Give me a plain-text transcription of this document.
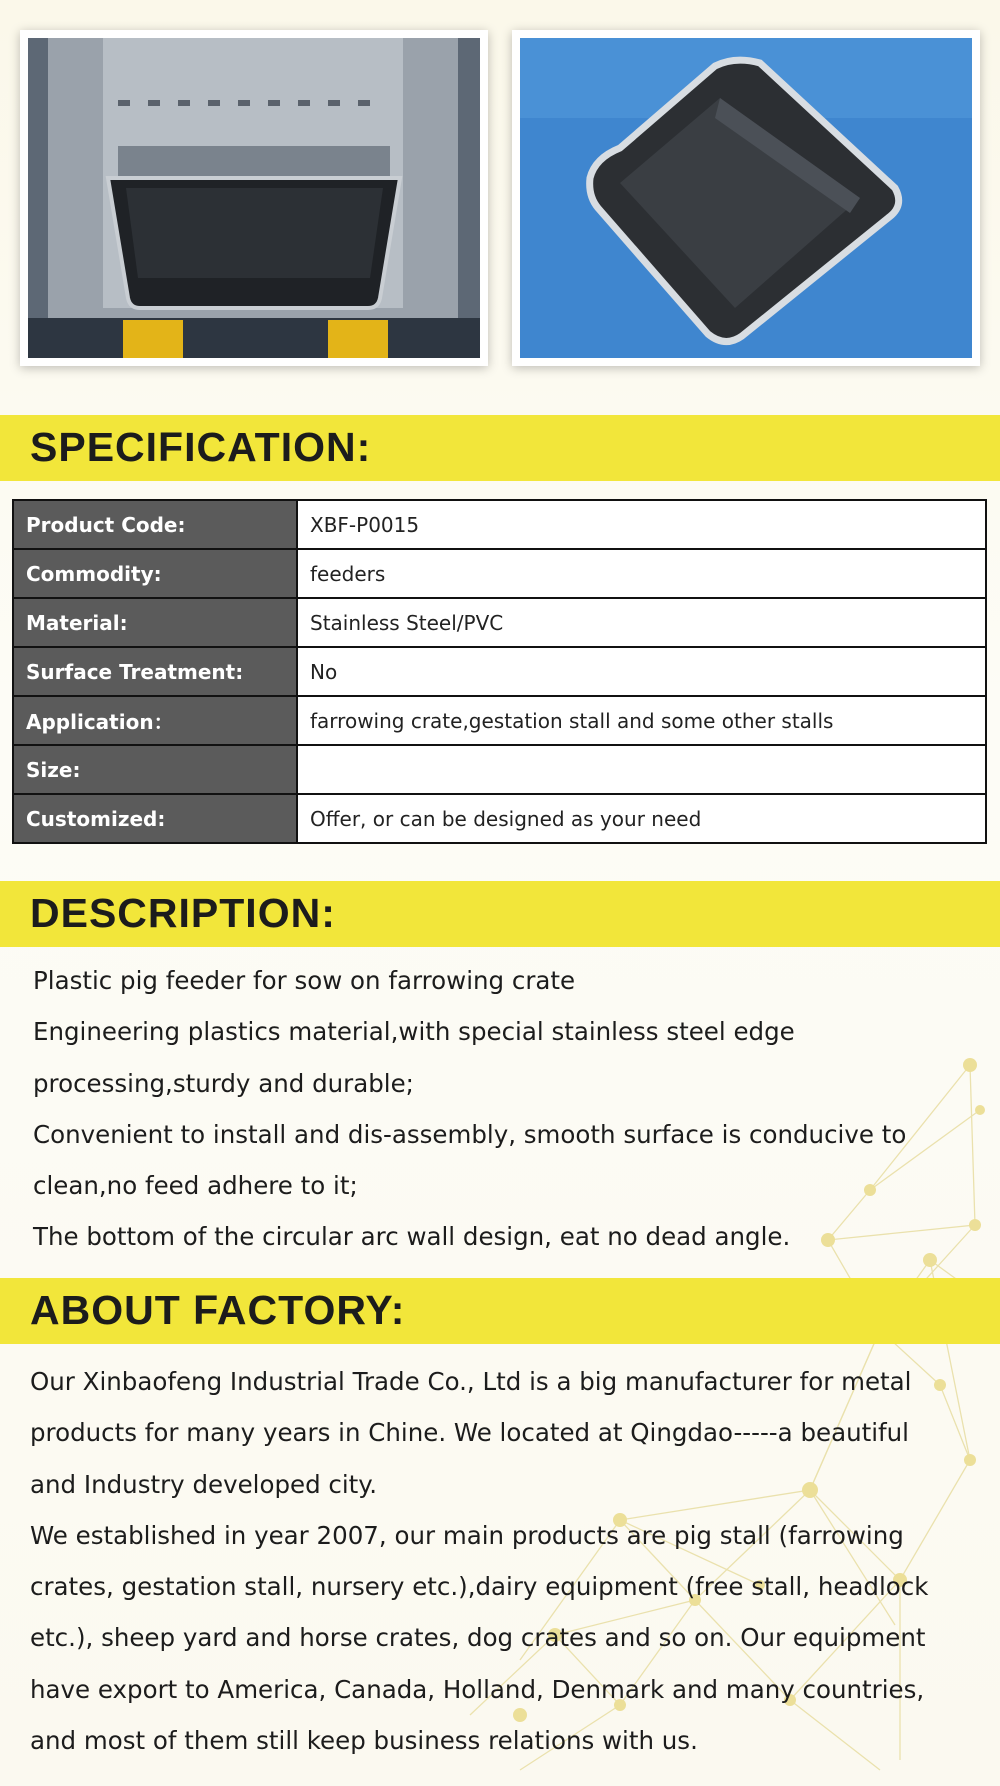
SPECIFICATION:
Product Code:	XBF-P0015
Commodity:	feeders
Material:	Stainless Steel/PVC
Surface Treatment:	No
Application：	farrowing crate,gestation stall and some other stalls
Size:	
Customized:	Offer, or can be designed as your need
DESCRIPTION:

Plastic pig feeder for sow on farrowing crate

Engineering plastics material,with special stainless steel edge

processing,sturdy and durable;

Convenient to install and dis-assembly, smooth surface is conducive to

clean,no feed adhere to it;

The bottom of the circular arc wall design, eat no dead angle.

ABOUT FACTORY:

Our Xinbaofeng Industrial Trade Co., Ltd is a big manufacturer for metal

products for many years in Chine. We located at Qingdao-----a beautiful

and Industry developed city.

We established in year 2007, our main products are pig stall (farrowing

crates, gestation stall, nursery etc.),dairy equipment (free stall, headlock

etc.), sheep yard and horse crates, dog crates and so on. Our equipment

have export to America, Canada, Holland, Denmark and many countries,

and most of them still keep business relations with us.
